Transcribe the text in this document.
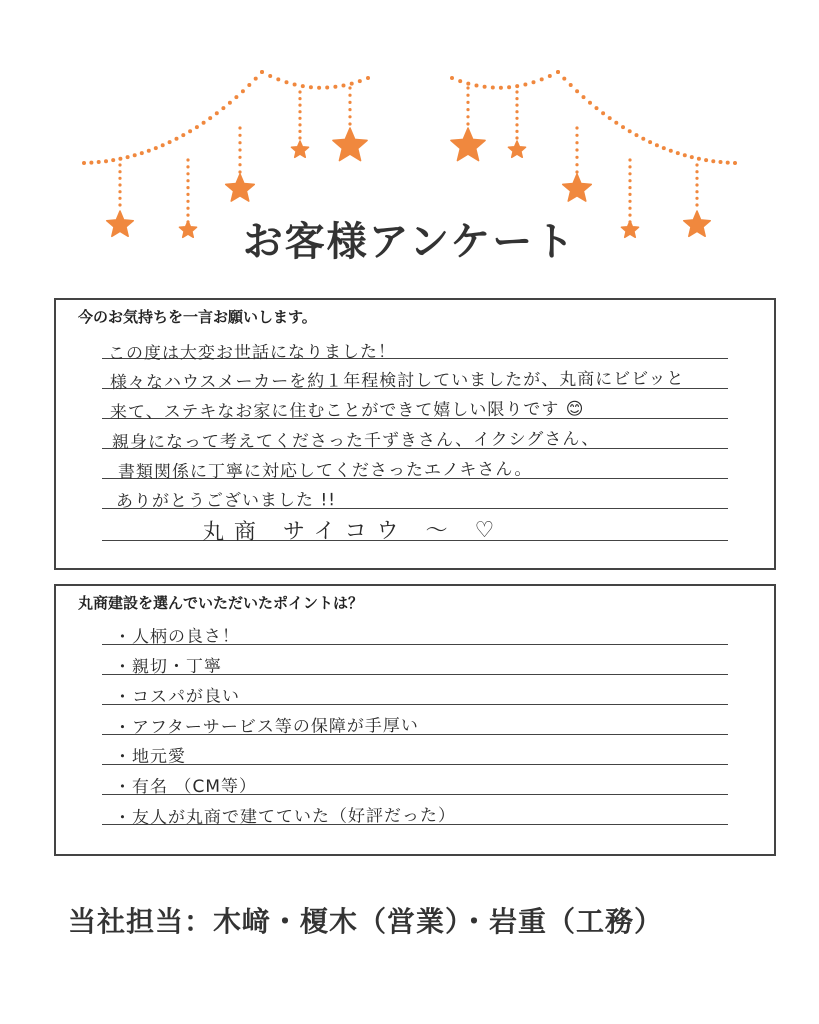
お客様アンケート
今のお気持ちを一言お願いします。
この度は大変お世話になりました！
様々なハウスメーカーを約１年程検討していましたが、丸商にビビッと
来て、ステキなお家に住むことができて嬉しい限りです 😊
親身になって考えてくださった千ずきさん、イクシグさん、
書類関係に丁寧に対応してくださったエノキさん。
ありがとうございました !!
丸商 サイコウ ～ ♡
丸商建設を選んでいただいたポイントは？
・人柄の良さ！
・親切・丁寧
・コスパが良い
・アフターサービス等の保障が手厚い
・地元愛
・有名 （CM等）
・友人が丸商で建てていた（好評だった）
当社担当：木﨑・榎木（営業）・岩重（工務）
